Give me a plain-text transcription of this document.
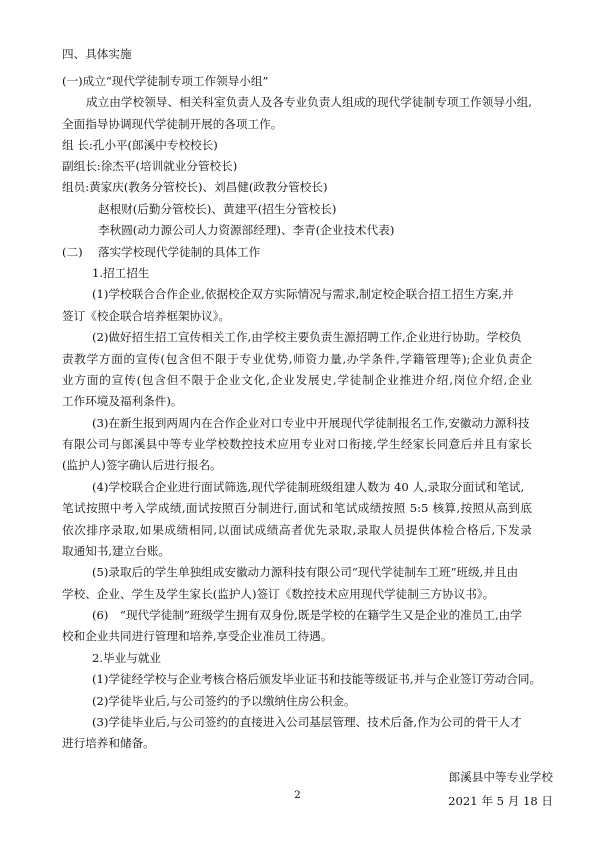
四、具体实施
(一)成立“现代学徒制专项工作领导小组”
成立由学校领导、相关科室负责人及各专业负责人组成的现代学徒制专项工作领导小组,
全面指导协调现代学徒制开展的各项工作。
组 长:孔小平(郎溪中专校校长)
副组长:徐杰平(培训就业分管校长)
组员:黄家庆(教务分管校长)、刘昌健(政教分管校长)
赵根财(后勤分管校长)、黄建平(招生分管校长)
李秋圆(动力源公司人力资源部经理)、李青(企业技术代表)
(二)　 落实学校现代学徒制的具体工作
1.招工招生
(1)学校联合合作企业,依据校企双方实际情况与需求,制定校企联合招工招生方案,并
签订《校企联合培养框架协议》。
(2)做好招生招工宣传相关工作,由学校主要负责生源招聘工作,企业进行协助。学校负
责教学方面的宣传(包含但不限于专业优势,师资力量,办学条件,学籍管理等);企业负责企
业方面的宣传(包含但不限于企业文化,企业发展史,学徒制企业推进介绍,岗位介绍,企业
工作环境及福利条件)。
(3)在新生报到两周内在合作企业对口专业中开展现代学徒制报名工作,安徽动力源科技
有限公司与郎溪县中等专业学校数控技术应用专业对口衔接,学生经家长同意后并且有家长
(监护人)签字确认后进行报名。
(4)学校联合企业进行面试筛选,现代学徒制班级组建人数为 40 人,录取分面试和笔试,
笔试按照中考入学成绩,面试按照百分制进行,面试和笔试成绩按照 5:5 核算,按照从高到底
依次排序录取,如果成绩相同,以面试成绩高者优先录取,录取人员提供体检合格后,下发录
取通知书,建立台账。
(5)录取后的学生单独组成安徽动力源科技有限公司“现代学徒制车工班”班级,并且由
学校、企业、学生及学生家长(监护人)签订《数控技术应用现代学徒制三方协议书》。
(6)　“现代学徒制”班级学生拥有双身份,既是学校的在籍学生又是企业的准员工,由学
校和企业共同进行管理和培养,享受企业准员工待遇。
2.毕业与就业
(1)学徒经学校与企业考核合格后颁发毕业证书和技能等级证书,并与企业签订劳动合同。
(2)学徒毕业后,与公司签约的予以缴纳住房公积金。
(3)学徒毕业后,与公司签约的直接进入公司基层管理、技术后备,作为公司的骨干人才
进行培养和储备。
郎溪县中等专业学校
2021 年 5 月 18 日
2
